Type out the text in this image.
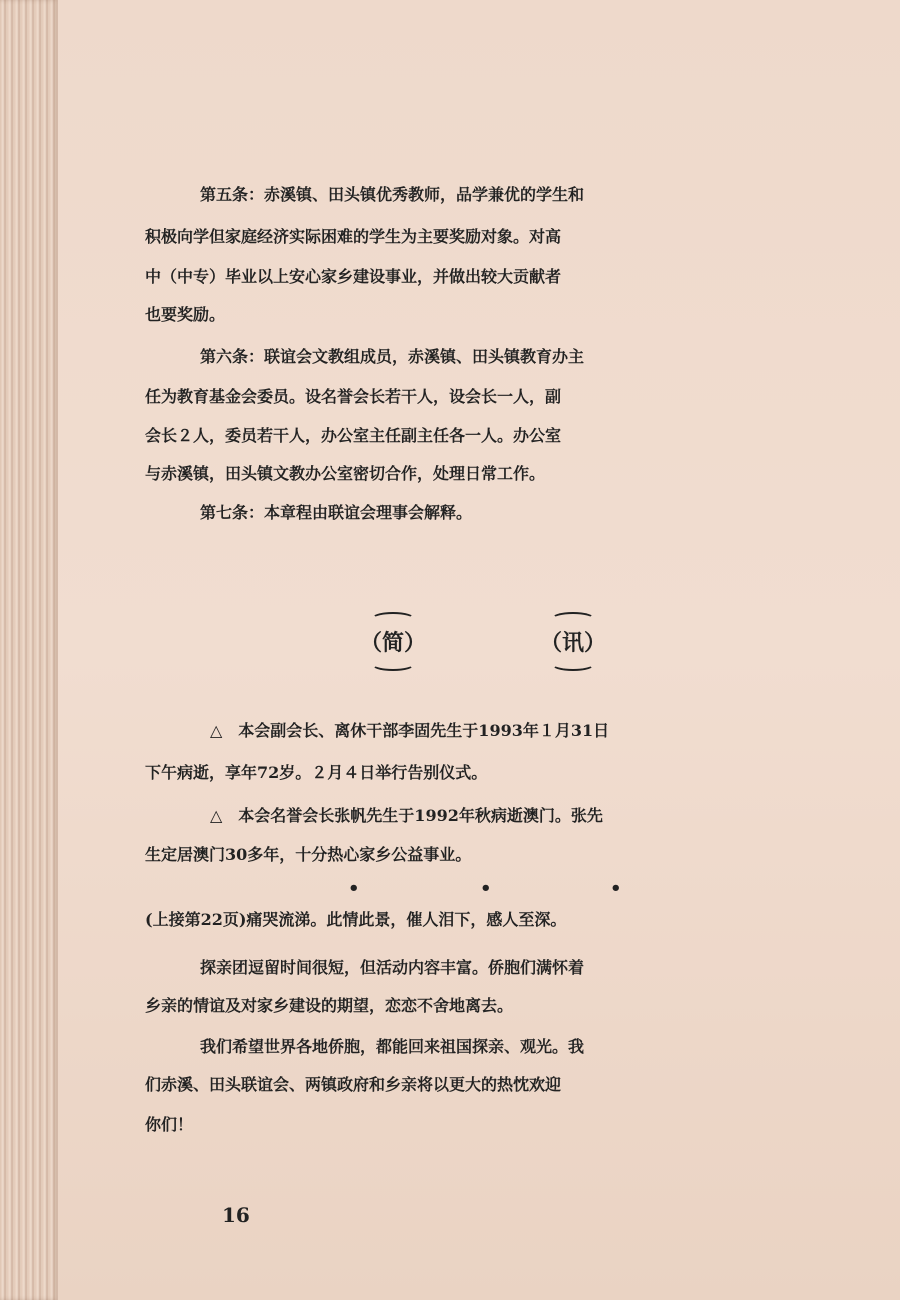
第五条：赤溪镇、田头镇优秀教师，品学兼优的学生和
积极向学但家庭经济实际困难的学生为主要奖励对象。对高
中（中专）毕业以上安心家乡建设事业，并做出较大贡献者
也要奖励。
第六条：联谊会文教组成员，赤溪镇、田头镇教育办主
任为教育基金会委员。设名誉会长若干人，设会长一人，副
会长２人，委员若干人，办公室主任副主任各一人。办公室
与赤溪镇，田头镇文教办公室密切合作，处理日常工作。
第七条：本章程由联谊会理事会解释。
（简）	（讯）
△　本会副会长、离休干部李固先生于1993年１月31日
下午病逝，享年72岁。２月４日举行告别仪式。
△　本会名誉会长张帆先生于1992年秋病逝澳门。张先
生定居澳门30多年，十分热心家乡公益事业。
•	•	•
(上接第22页)痛哭流涕。此情此景，催人泪下，感人至深。
探亲团逗留时间很短，但活动内容丰富。侨胞们满怀着
乡亲的情谊及对家乡建设的期望，恋恋不舍地离去。
我们希望世界各地侨胞，都能回来祖国探亲、观光。我
们赤溪、田头联谊会、两镇政府和乡亲将以更大的热忱欢迎
你们！
16
